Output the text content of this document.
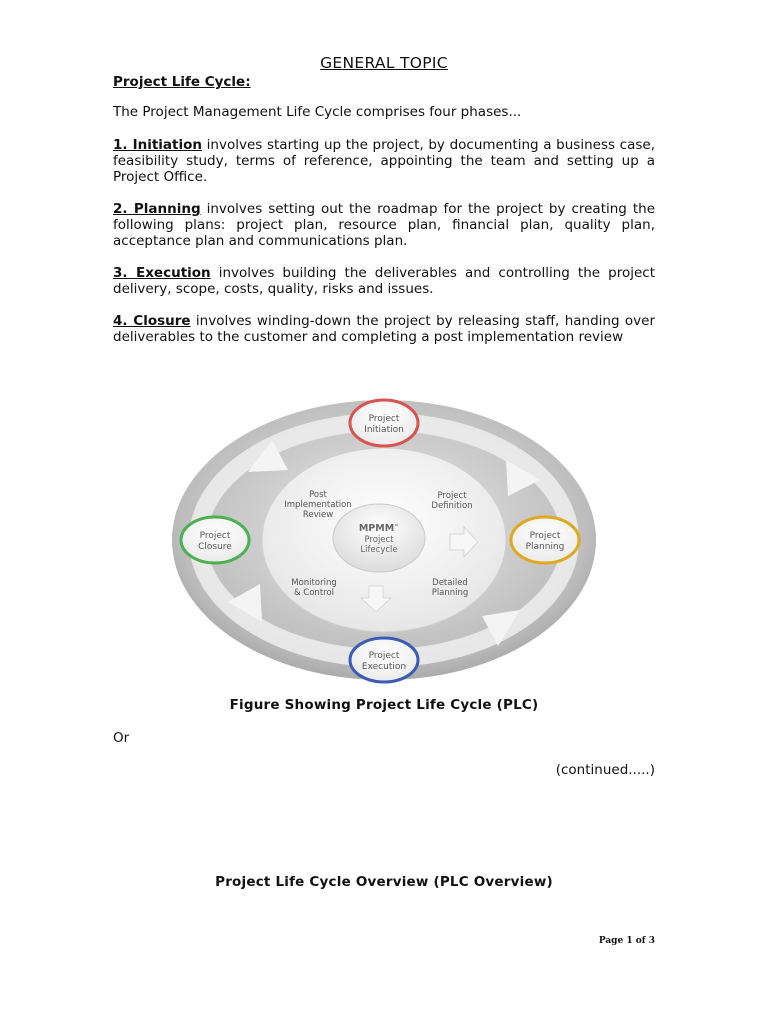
GENERAL TOPIC
Project Life Cycle:
The Project Management Life Cycle comprises four phases...
1. Initiation involves starting up the project, by documenting a business case, feasibility study, terms of reference, appointing the team and setting up a Project Office.
2. Planning involves setting out the roadmap for the project by creating the following plans: project plan, resource plan, financial plan, quality plan, acceptance plan and communications plan.
3. Execution involves building the deliverables and controlling the project delivery, scope, costs, quality, risks and issues.
4. Closure involves winding-down the project by releasing staff, handing over deliverables to the customer and completing a post implementation review
MPMM™
Project
Lifecycle
Post
Implementation
Review
Project
Definition
Monitoring
& Control
Detailed
Planning
Project
Initiation
Project
Planning
Project
Execution
Project
Closure
Figure Showing Project Life Cycle (PLC)
Or
(continued.....)
Project Life Cycle Overview (PLC Overview)
Page 1 of 3
